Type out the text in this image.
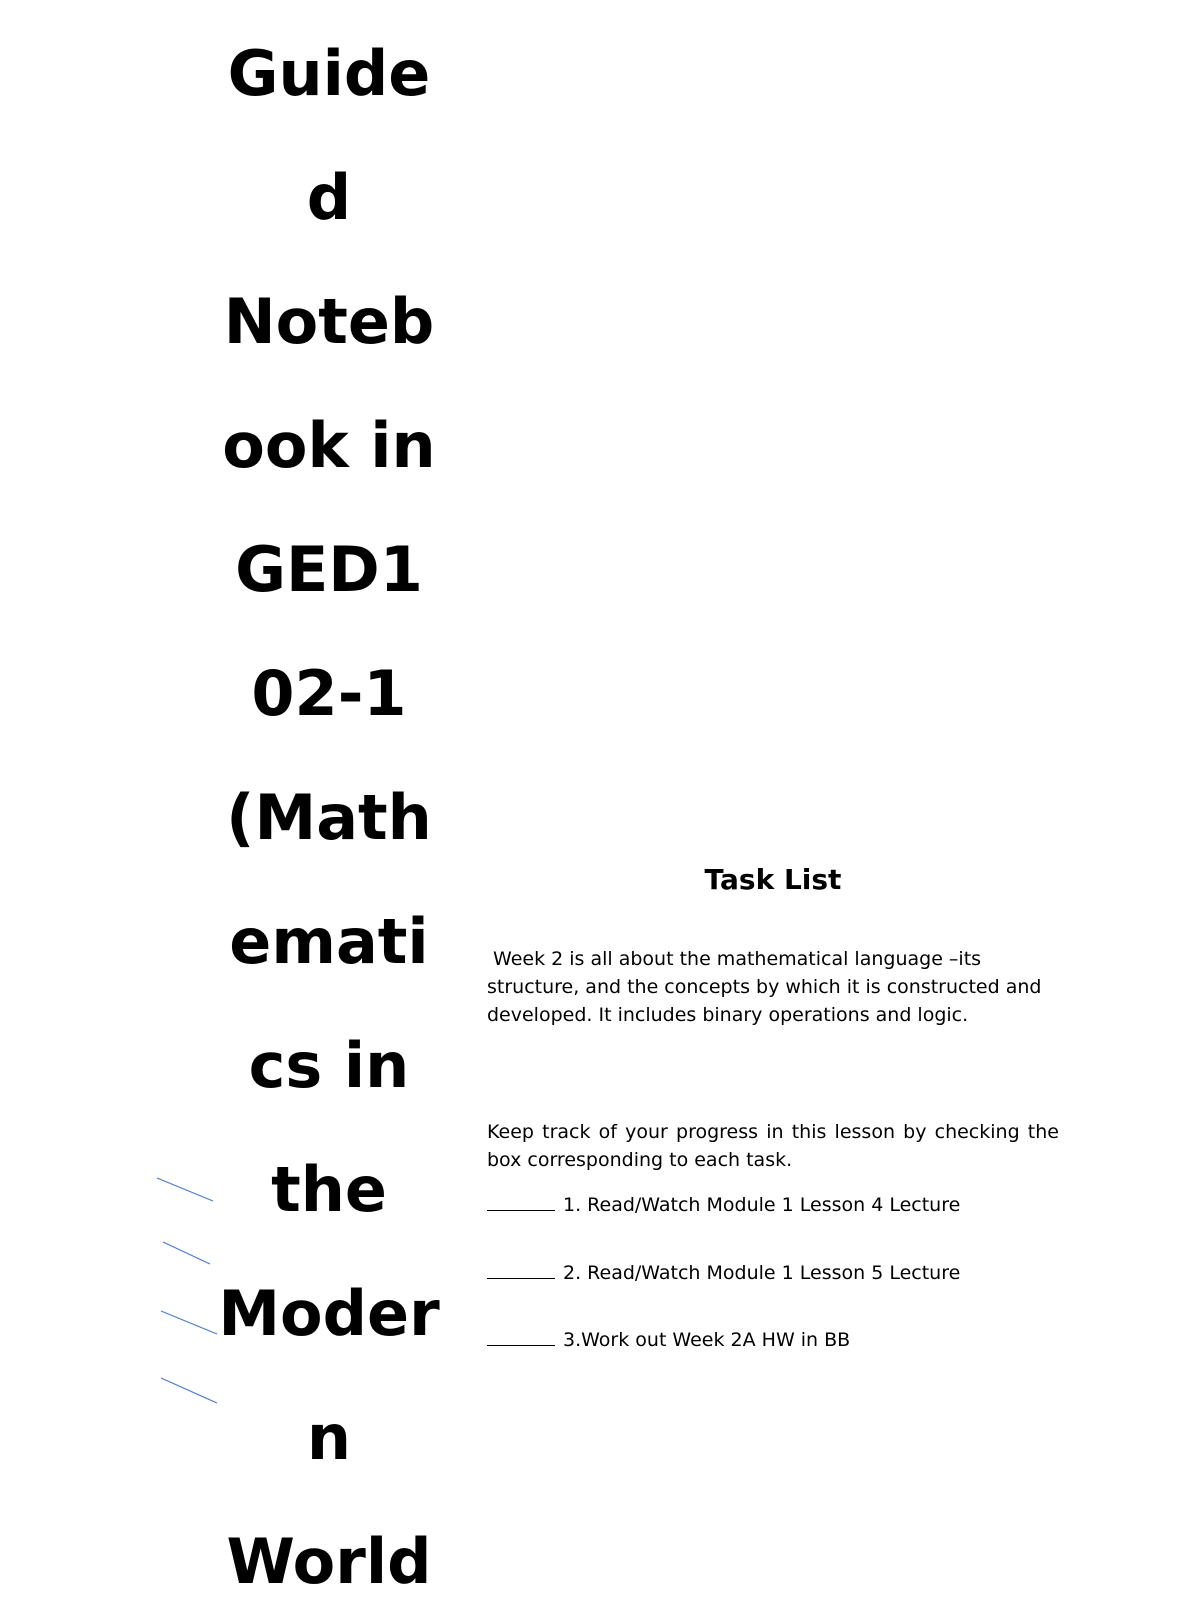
Guide
d
Noteb
ook in
GED1
02-1
(Math
emati
cs in
the
Moder
n
World
Task List
Week 2 is all about the mathematical language –its structure, and the concepts by which it is constructed and developed. It includes binary operations and logic.
Keep track of your progress in this lesson by checking the box corresponding to each task.
1. Read/Watch Module 1 Lesson 4 Lecture
2. Read/Watch Module 1 Lesson 5 Lecture
3.Work out Week 2A HW in BB
